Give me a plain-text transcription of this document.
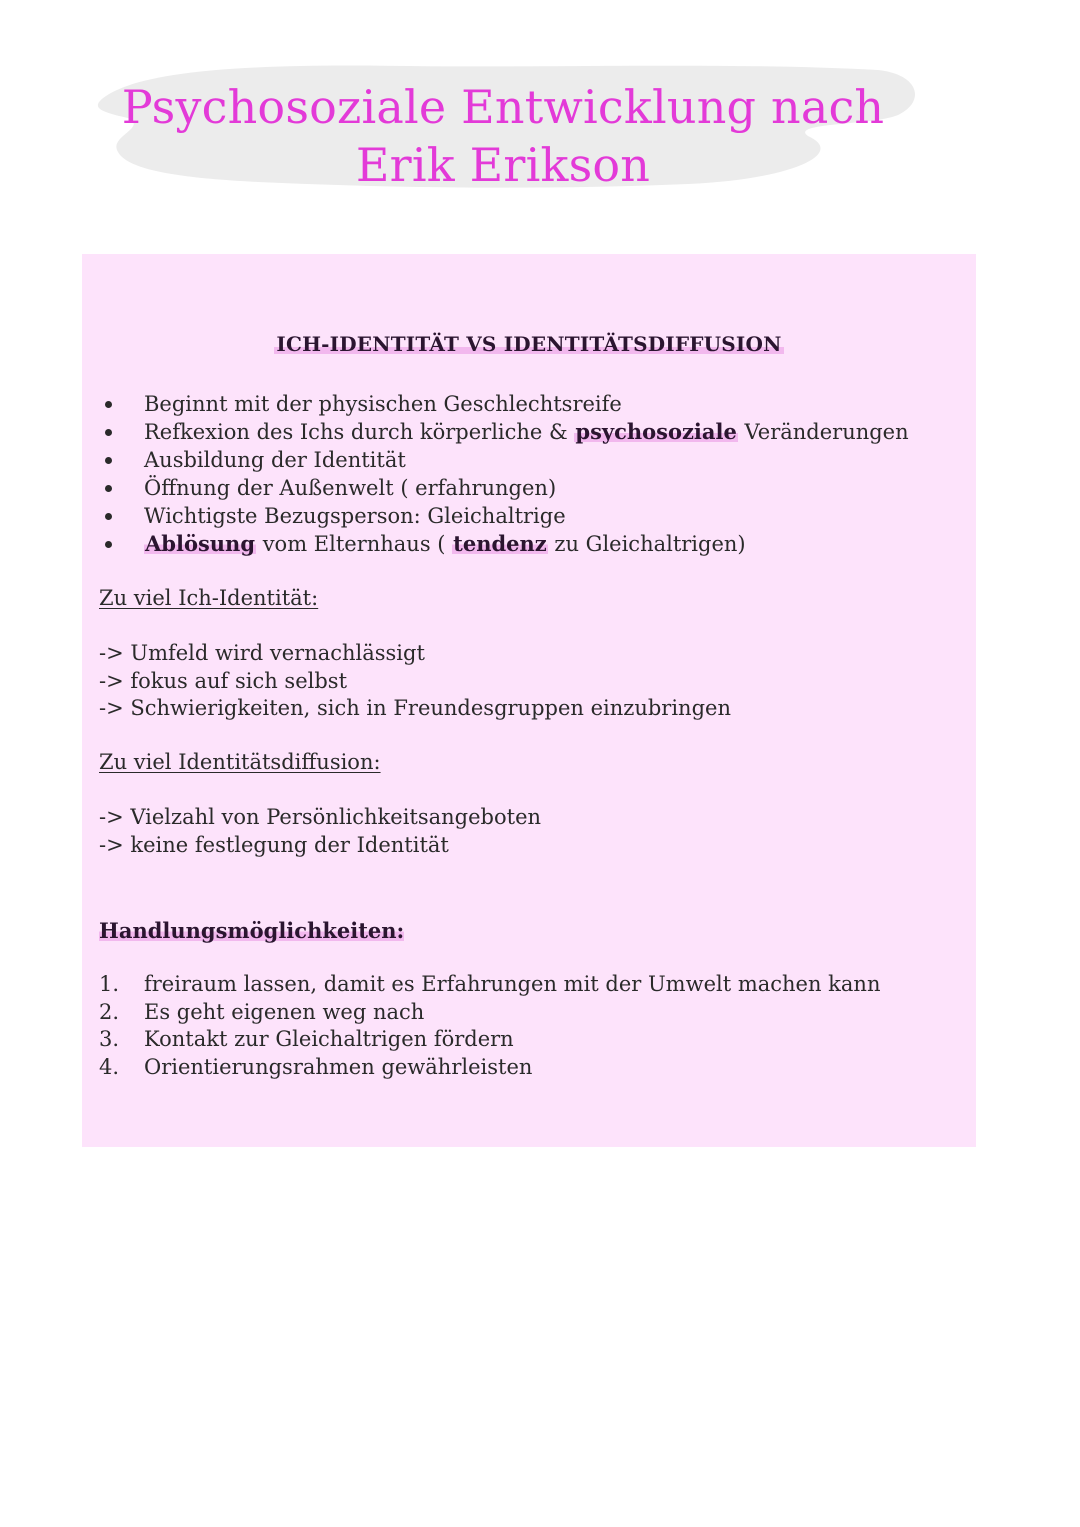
Psychosoziale Entwicklung nach
Erik Erikson
ICH-IDENTITÄT VS IDENTITÄTSDIFFUSION
Beginnt mit der physischen Geschlechtsreife
Refkexion des Ichs durch körperliche & psychosoziale Veränderungen
Ausbildung der Identität
Öffnung der Außenwelt ( erfahrungen)
Wichtigste Bezugsperson: Gleichaltrige
Ablösung vom Elternhaus ( tendenz zu Gleichaltrigen)

Zu viel Ich-Identität:

-> Umfeld wird vernachlässigt
-> fokus auf sich selbst
-> Schwierigkeiten, sich in Freundesgruppen einzubringen

Zu viel Identitätsdiffusion:

-> Vielzahl von Persönlichkeitsangeboten
-> keine festlegung der Identität

Handlungsmöglichkeiten:

1. freiraum lassen, damit es Erfahrungen mit der Umwelt machen kann
2. Es geht eigenen weg nach
3. Kontakt zur Gleichaltrigen fördern
4. Orientierungsrahmen gewährleisten
